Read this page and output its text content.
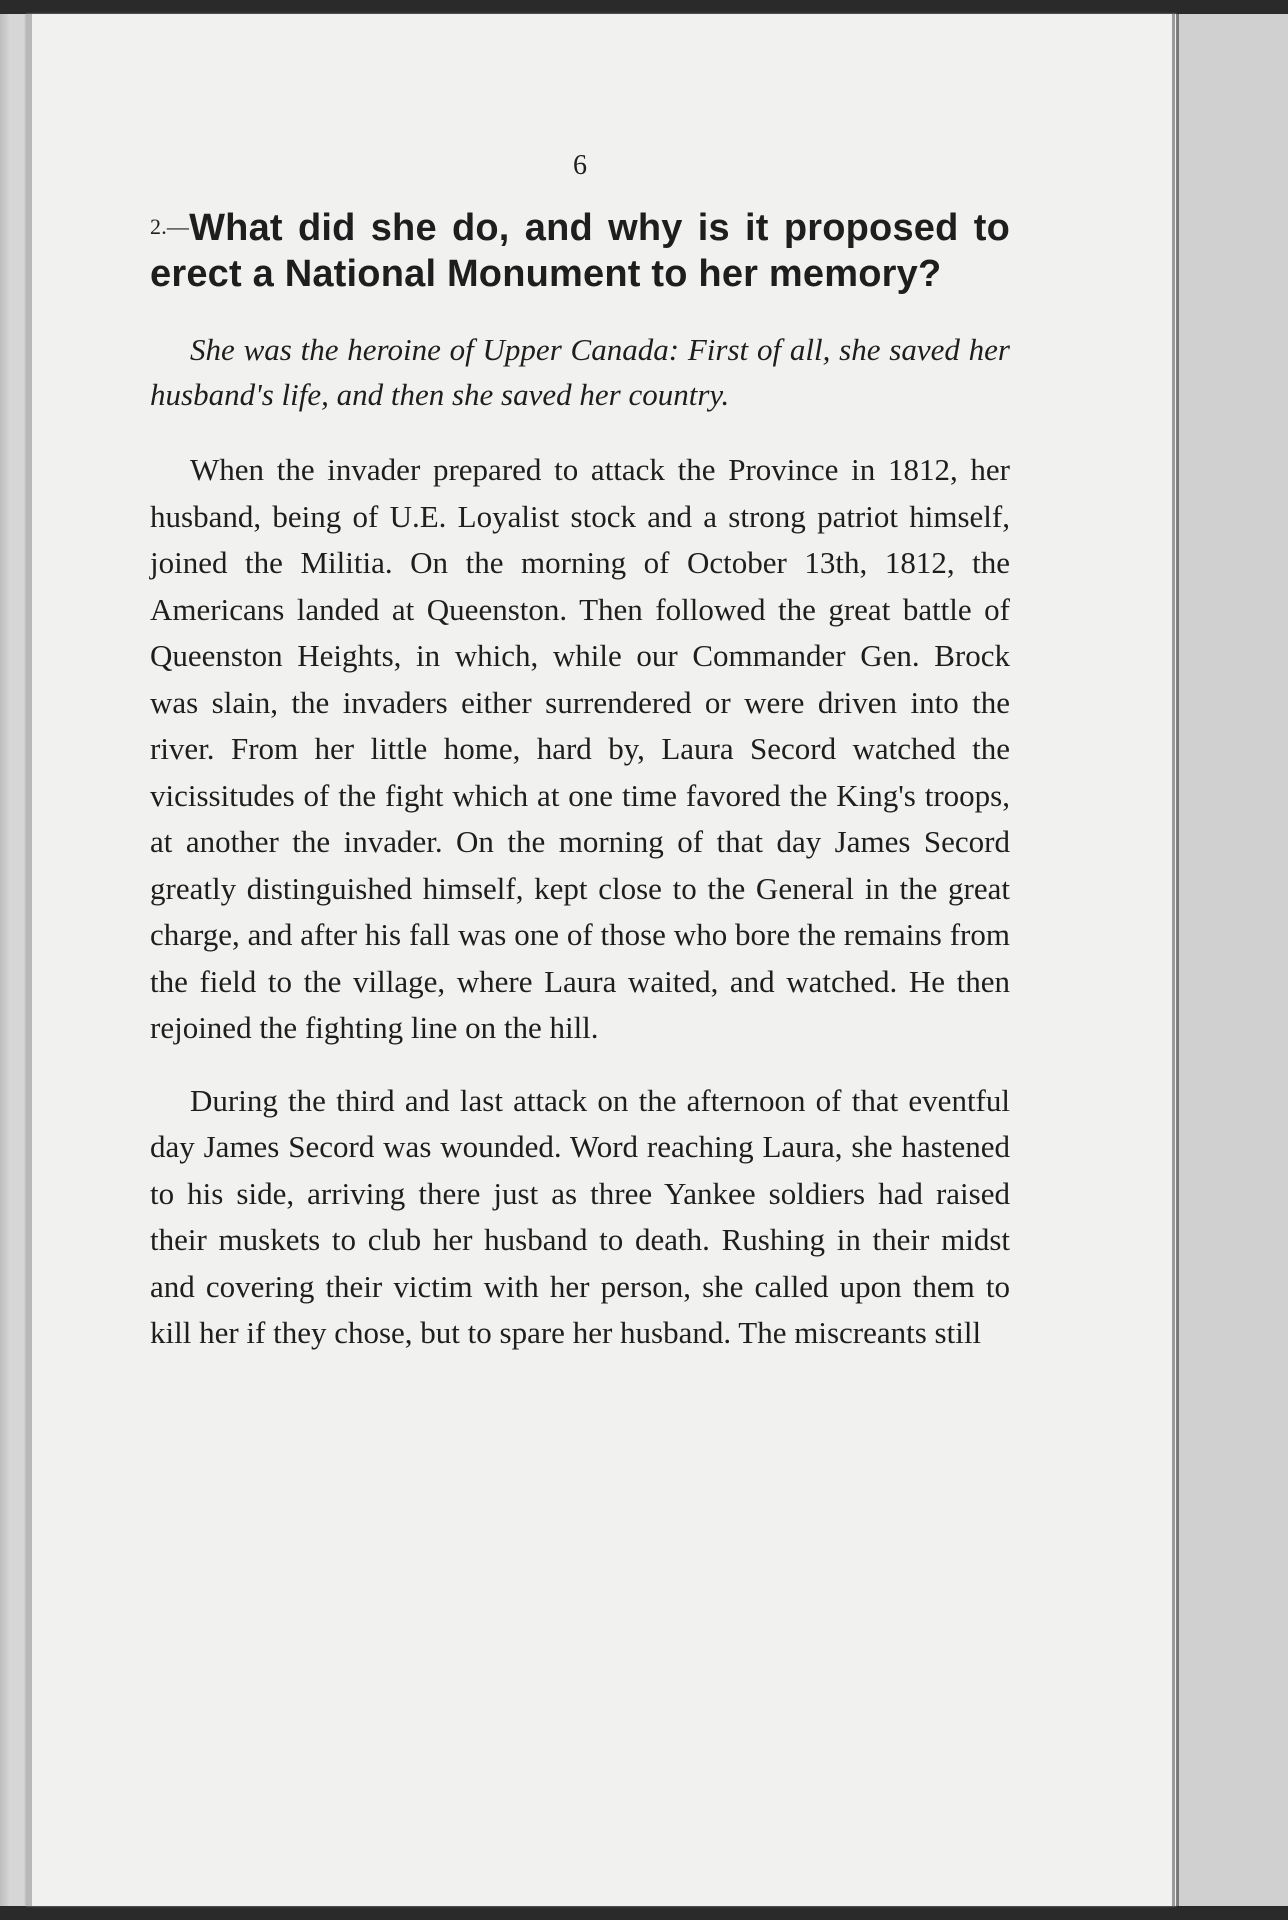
6
2.—What did she do, and why is it proposed to erect a National Monument to her memory?

She was the heroine of Upper Canada: First of all, she saved her husband's life, and then she saved her country.

When the invader prepared to attack the Province in 1812, her husband, being of U.E. Loyalist stock and a strong patriot himself, joined the Militia. On the morning of October 13th, 1812, the Americans landed at Queenston. Then followed the great battle of Queenston Heights, in which, while our Commander Gen. Brock was slain, the invaders either surrendered or were driven into the river. From her little home, hard by, Laura Secord watched the vicissitudes of the fight which at one time favored the King's troops, at another the invader. On the morning of that day James Secord greatly distinguished himself, kept close to the General in the great charge, and after his fall was one of those who bore the remains from the field to the village, where Laura waited, and watched. He then rejoined the fighting line on the hill.

During the third and last attack on the afternoon of that eventful day James Secord was wounded. Word reaching Laura, she hastened to his side, arriving there just as three Yankee soldiers had raised their muskets to club her husband to death. Rushing in their midst and covering their victim with her person, she called upon them to kill her if they chose, but to spare her husband. The miscreants still
